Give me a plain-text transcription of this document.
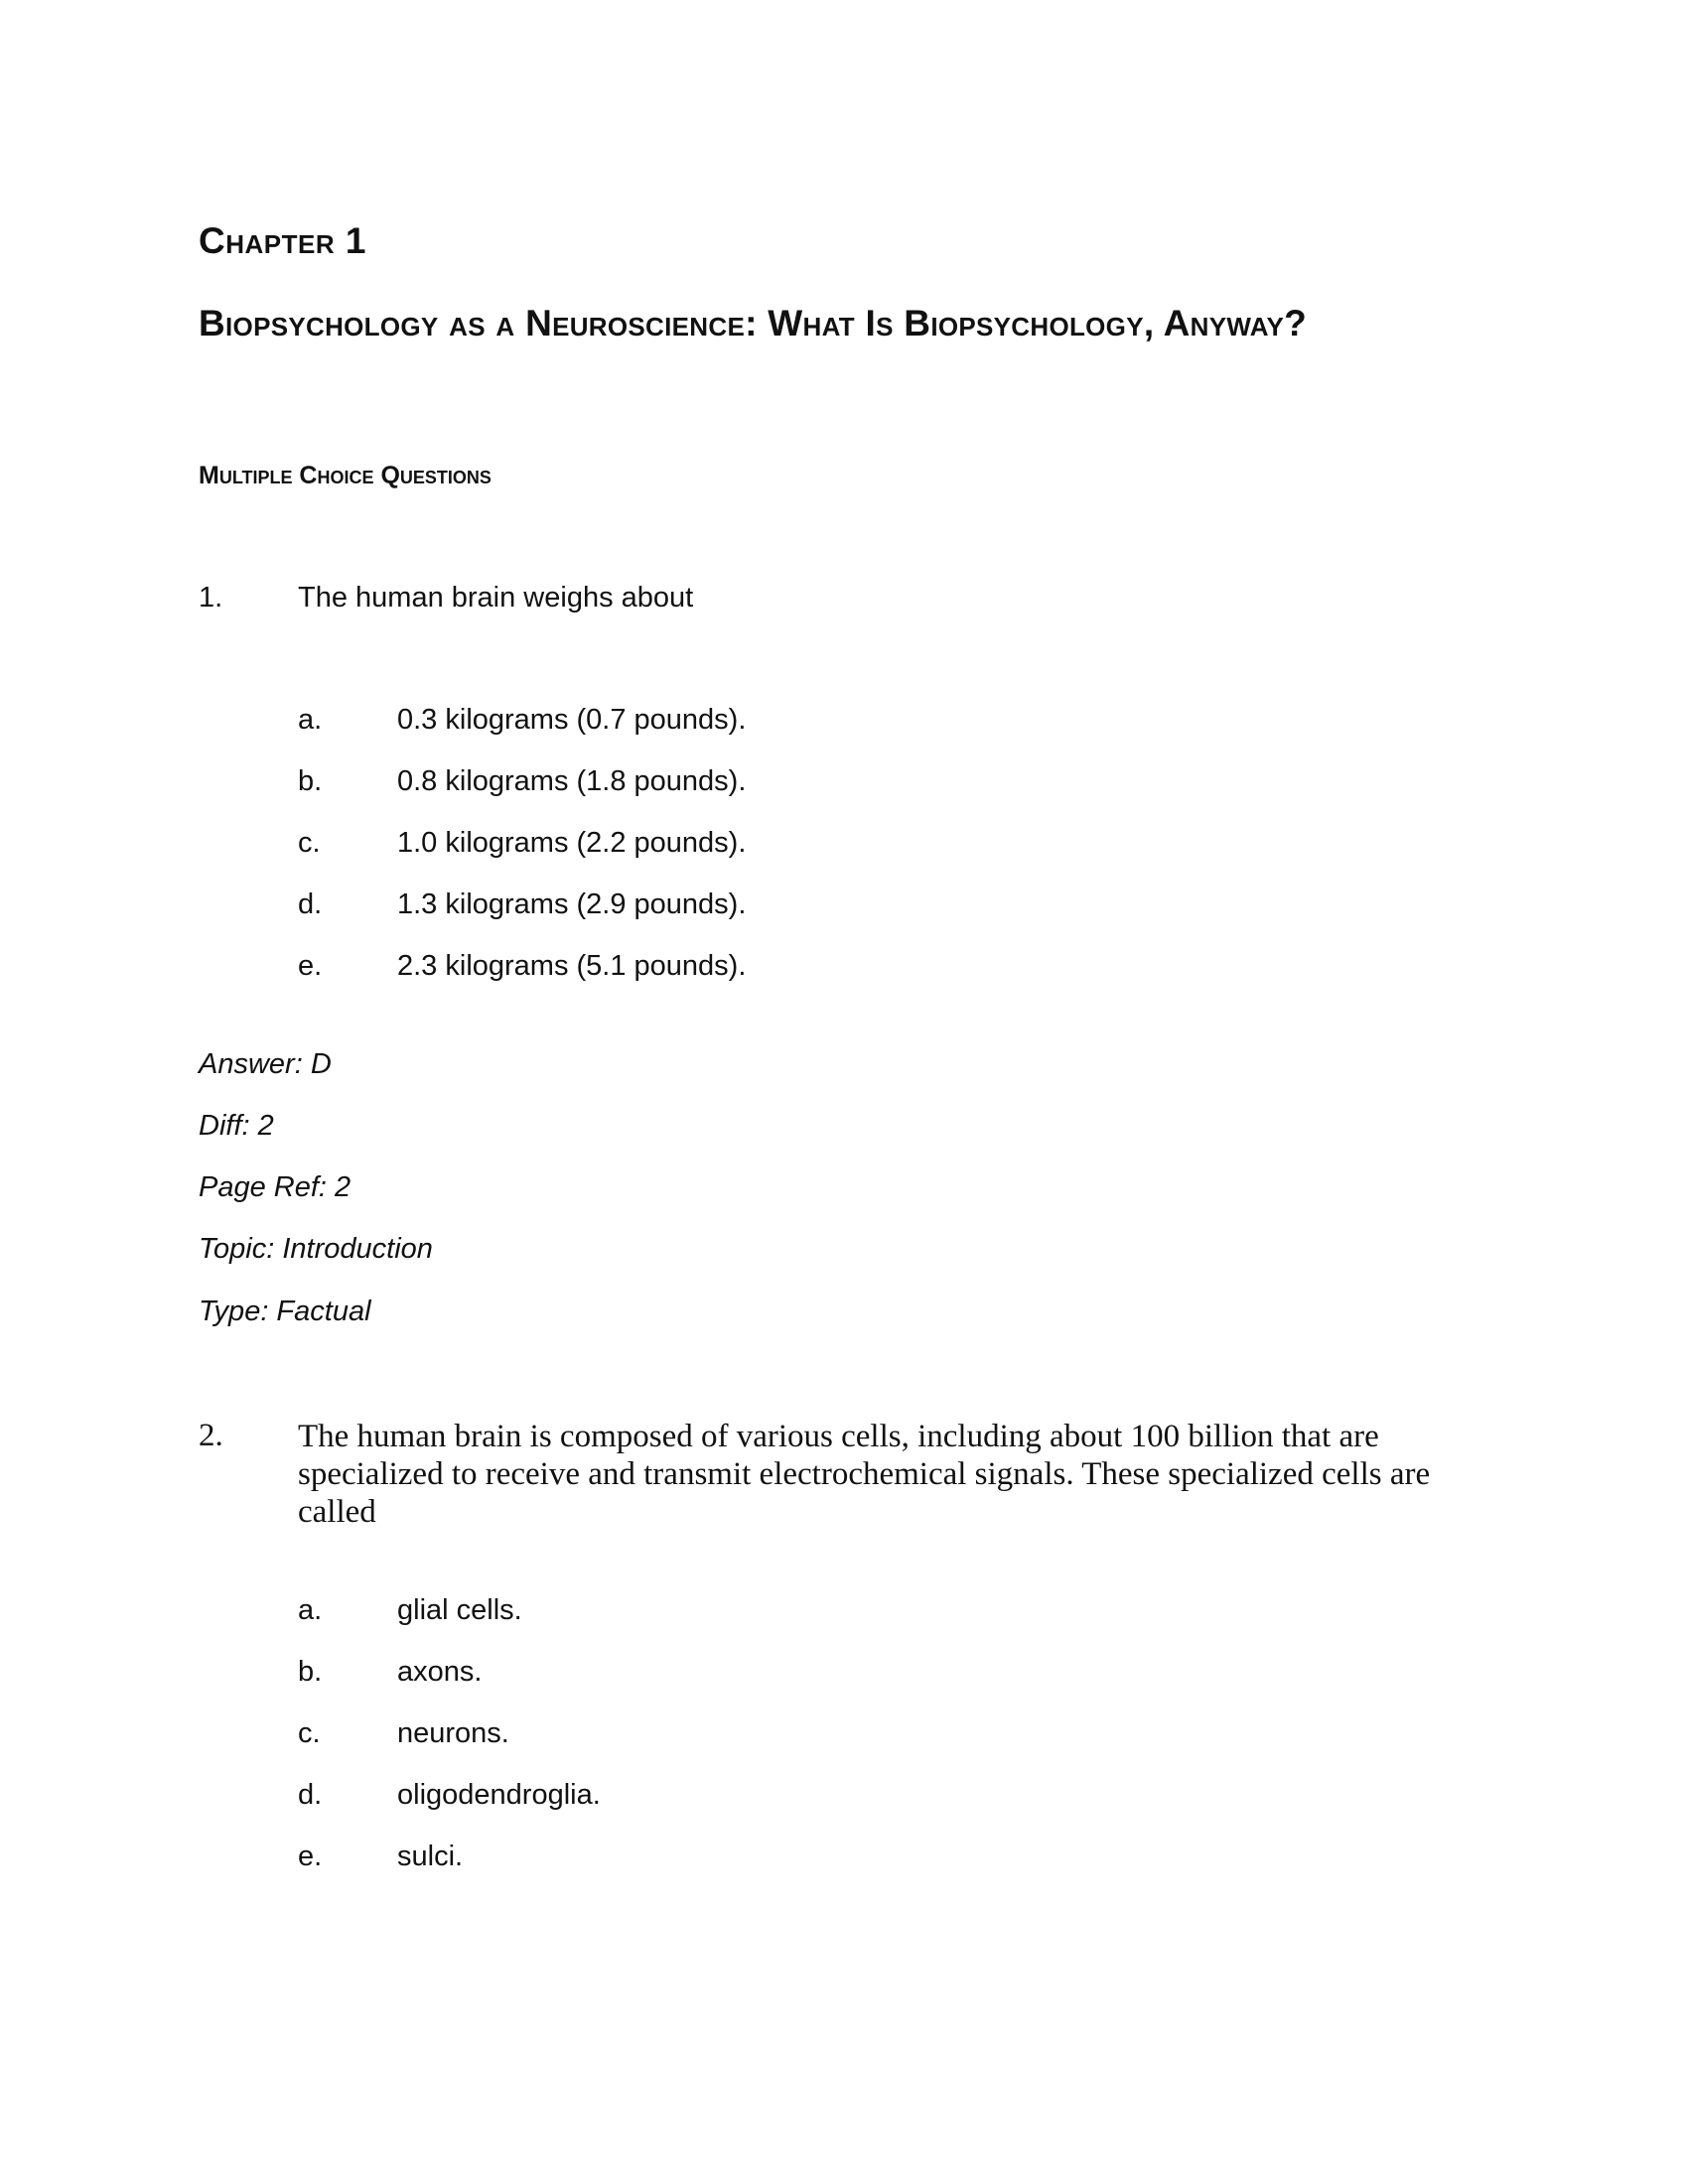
Chapter 1
Biopsychology as a Neuroscience: What Is Biopsychology, Anyway?
Multiple Choice Questions
1.	The human brain weighs about
a.	0.3 kilograms (0.7 pounds).
b.	0.8 kilograms (1.8 pounds).
c.	1.0 kilograms (2.2 pounds).
d.	1.3 kilograms (2.9 pounds).
e.	2.3 kilograms (5.1 pounds).
Answer: D
Diff: 2
Page Ref: 2
Topic: Introduction
Type: Factual
2. The human brain is composed of various cells, including about 100 billion that are specialized to receive and transmit electrochemical signals. These specialized cells are called
a.	glial cells.
b.	axons.
c.	neurons.
d.	oligodendroglia.
e.	sulci.
